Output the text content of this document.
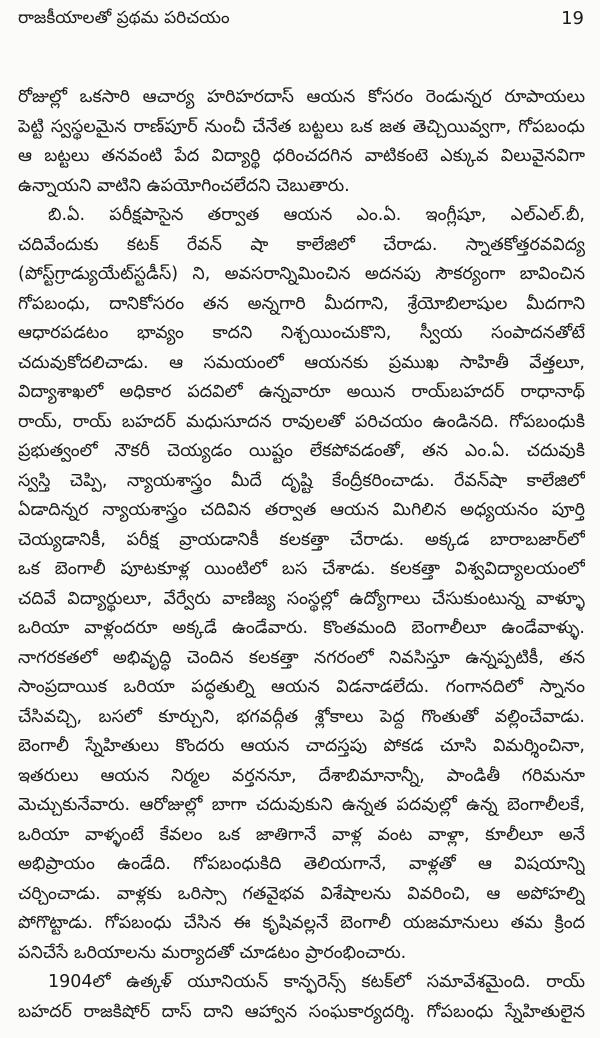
రాజకీయాలతో ప్రథమ పరిచయం	19
రోజుల్లో ఒకసారి ఆచార్య హరిహరదాస్ ఆయన కోసరం రెండున్నర రూపాయలు
పెట్టి స్వస్థలమైన రాణ్‌పూర్ నుంచీ చేనేత బట్టలు ఒక జత తెచ్చియివ్వగా, గోపబంధు
ఆ బట్టలు తనవంటి పేద విద్యార్థి ధరించదగిన వాటికంటె ఎక్కువ విలువైనవిగా
ఉన్నాయని వాటిని ఉపయోగించలేదని చెబుతారు.
బి.ఏ. పరీక్షపాసైన తర్వాత ఆయన ఎం.ఏ. ఇంగ్లీషూ, ఎల్‌ఎల్.బీ,
చదివేందుకు కటక్ రేవన్ షా కాలేజిలో చేరాడు. స్నాతకోత్తరవవిద్య
(పోస్ట్‌గ్రాడ్యుయేట్‌స్టడీస్) ని, అవసరాన్నిమించిన అదనపు సౌకర్యంగా బావించిన
గోపబంధు, దానికోసరం తన అన్నగారి మీదగాని, శ్రేయోబిలాషుల మీదగాని
ఆధారపడటం భావ్యం కాదని నిశ్చయించుకొని, స్వీయ సంపాదనతోటే
చదువుకోదలిచాడు. ఆ సమయంలో ఆయనకు ప్రముఖ సాహితీ వేత్తలూ,
విద్యాశాఖలో అధికార పదవిలో ఉన్నవారూ అయిన రాయ్‌బహదర్ రాధానాథ్
రాయ్, రాయ్ బహదర్ మధుసూదన రావులతో పరిచయం ఉండినది. గోపబంధుకి
ప్రభుత్వంలో నౌకరీ చెయ్యడం యిష్టం లేకపోవడంతో, తన ఎం.ఏ. చదువుకి
స్వస్తి చెప్పి, న్యాయశాస్త్రం మీదే దృష్టి కేంద్రీకరించాడు. రేవన్‌షా కాలేజిలో
ఏడాదిన్నర న్యాయశాస్త్రం చదివిన తర్వాత ఆయన మిగిలిన అధ్యయనం పూర్తి
చెయ్యడానికీ, పరీక్ష వ్రాయడానికీ కలకత్తా చేరాడు. అక్కడ బారాబజార్‌లో
ఒక బెంగాలీ పూటకూళ్ల యింటిలో బస చేశాడు. కలకత్తా విశ్వవిద్యాలయంలో
చదివే విద్యార్థులూ, వేర్వేరు వాణిజ్య సంస్థల్లో ఉద్యోగాలు చేసుకుంటున్న వాళ్ళూ
ఒరియా వాళ్లందరూ అక్కడే ఉండేవారు. కొంతమంది బెంగాలీలూ ఉండేవాళ్ళు.
నాగరకతలో అభివృద్ధి చెందిన కలకత్తా నగరంలో నివసిస్తూ ఉన్నప్పటికీ, తన
సాంప్రదాయిక ఒరియా పద్ధతుల్ని ఆయన విడనాడలేదు. గంగానదిలో స్నానం
చేసివచ్చి, బసలో కూర్చుని, భగవద్గీత శ్లోకాలు పెద్ద గొంతుతో వల్లించేవాడు.
బెంగాలీ స్నేహితులు కొందరు ఆయన చాదస్తపు పోకడ చూసి విమర్శించినా,
ఇతరులు ఆయన నిర్మల వర్తననూ, దేశాబిమానాన్నీ, పాండితీ గరిమనూ
మెచ్చుకునేవారు. ఆరోజుల్లో బాగా చదువుకుని ఉన్నత పదవుల్లో ఉన్న బెంగాలీలకే,
ఒరియా వాళ్ళంటే కేవలం ఒక జాతిగానే వాళ్ల వంట వాళ్లా, కూలీలూ అనే
అభిప్రాయం ఉండేది. గోపబంధుకిది తెలియగానే, వాళ్లతో ఆ విషయాన్ని
చర్చించాడు. వాళ్లకు ఒరిస్సా గతవైభవ విశేషాలను వివరించి, ఆ అపోహల్ని
పోగొట్టాడు. గోపబంధు చేసిన ఈ కృషివల్లనే బెంగాలీ యజమానులు తమ క్రింద
పనిచేసే ఒరియాలను మర్యాదతో చూడటం ప్రారంభించారు.
1904లో ఉత్కళ్ యూనియన్ కాన్ఫరెన్స్ కటక్‌లో సమావేశమైంది. రాయ్
బహదర్ రాజకిషోర్ దాస్ దాని ఆహ్వాన సంఘకార్యదర్శి. గోపబంధు స్నేహితులైన
